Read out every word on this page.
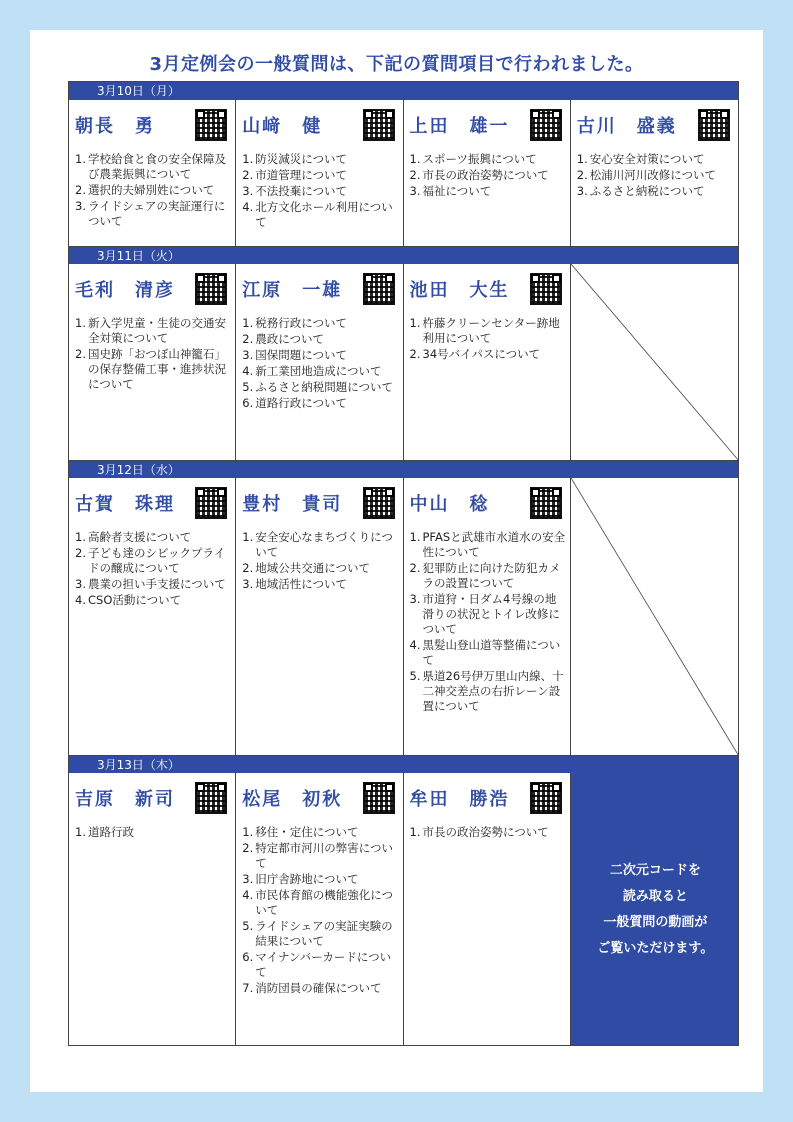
3月定例会の一般質問は、下記の質問項目で行われました。
3月10日（月）
朝長　勇
1. 学校給食と食の安全保障及び農業振興について
2. 選択的夫婦別姓について
3. ライドシェアの実証運行について
山﨑　健
1. 防災減災について
2. 市道管理について
3. 不法投棄について
4. 北方文化ホール利用について
上田　雄一
1. スポーツ振興について
2. 市長の政治姿勢について
3. 福祉について
古川　盛義
1. 安心安全対策について
2. 松浦川河川改修について
3. ふるさと納税について
3月11日（火）
毛利　清彦
1. 新入学児童・生徒の交通安全対策について
2. 国史跡「おつぼ山神籠石」の保存整備工事・進捗状況について
江原　一雄
1. 税務行政について
2. 農政について
3. 国保問題について
4. 新工業団地造成について
5. ふるさと納税問題について
6. 道路行政について
池田　大生
1. 杵藤クリーンセンター跡地利用について
2. 34号バイパスについて
3月12日（水）
古賀　珠理
1. 高齢者支援について
2. 子ども達のシビックプライドの醸成について
3. 農業の担い手支援について
4. CSO活動について
豊村　貴司
1. 安全安心なまちづくりについて
2. 地域公共交通について
3. 地域活性について
中山　稔
1. PFASと武雄市水道水の安全性について
2. 犯罪防止に向けた防犯カメラの設置について
3. 市道狩・日ダム4号線の地滑りの状況とトイレ改修について
4. 黒髪山登山道等整備について
5. 県道26号伊万里山内線、十二神交差点の右折レーン設置について
3月13日（木）
吉原　新司
1. 道路行政
松尾　初秋
1. 移住・定住について
2. 特定都市河川の弊害について
3. 旧庁舎跡地について
4. 市民体育館の機能強化について
5. ライドシェアの実証実験の結果について
6. マイナンバーカードについて
7. 消防団員の確保について
牟田　勝浩
1. 市長の政治姿勢について
二次元コードを
読み取ると
一般質問の動画が
ご覧いただけます。
